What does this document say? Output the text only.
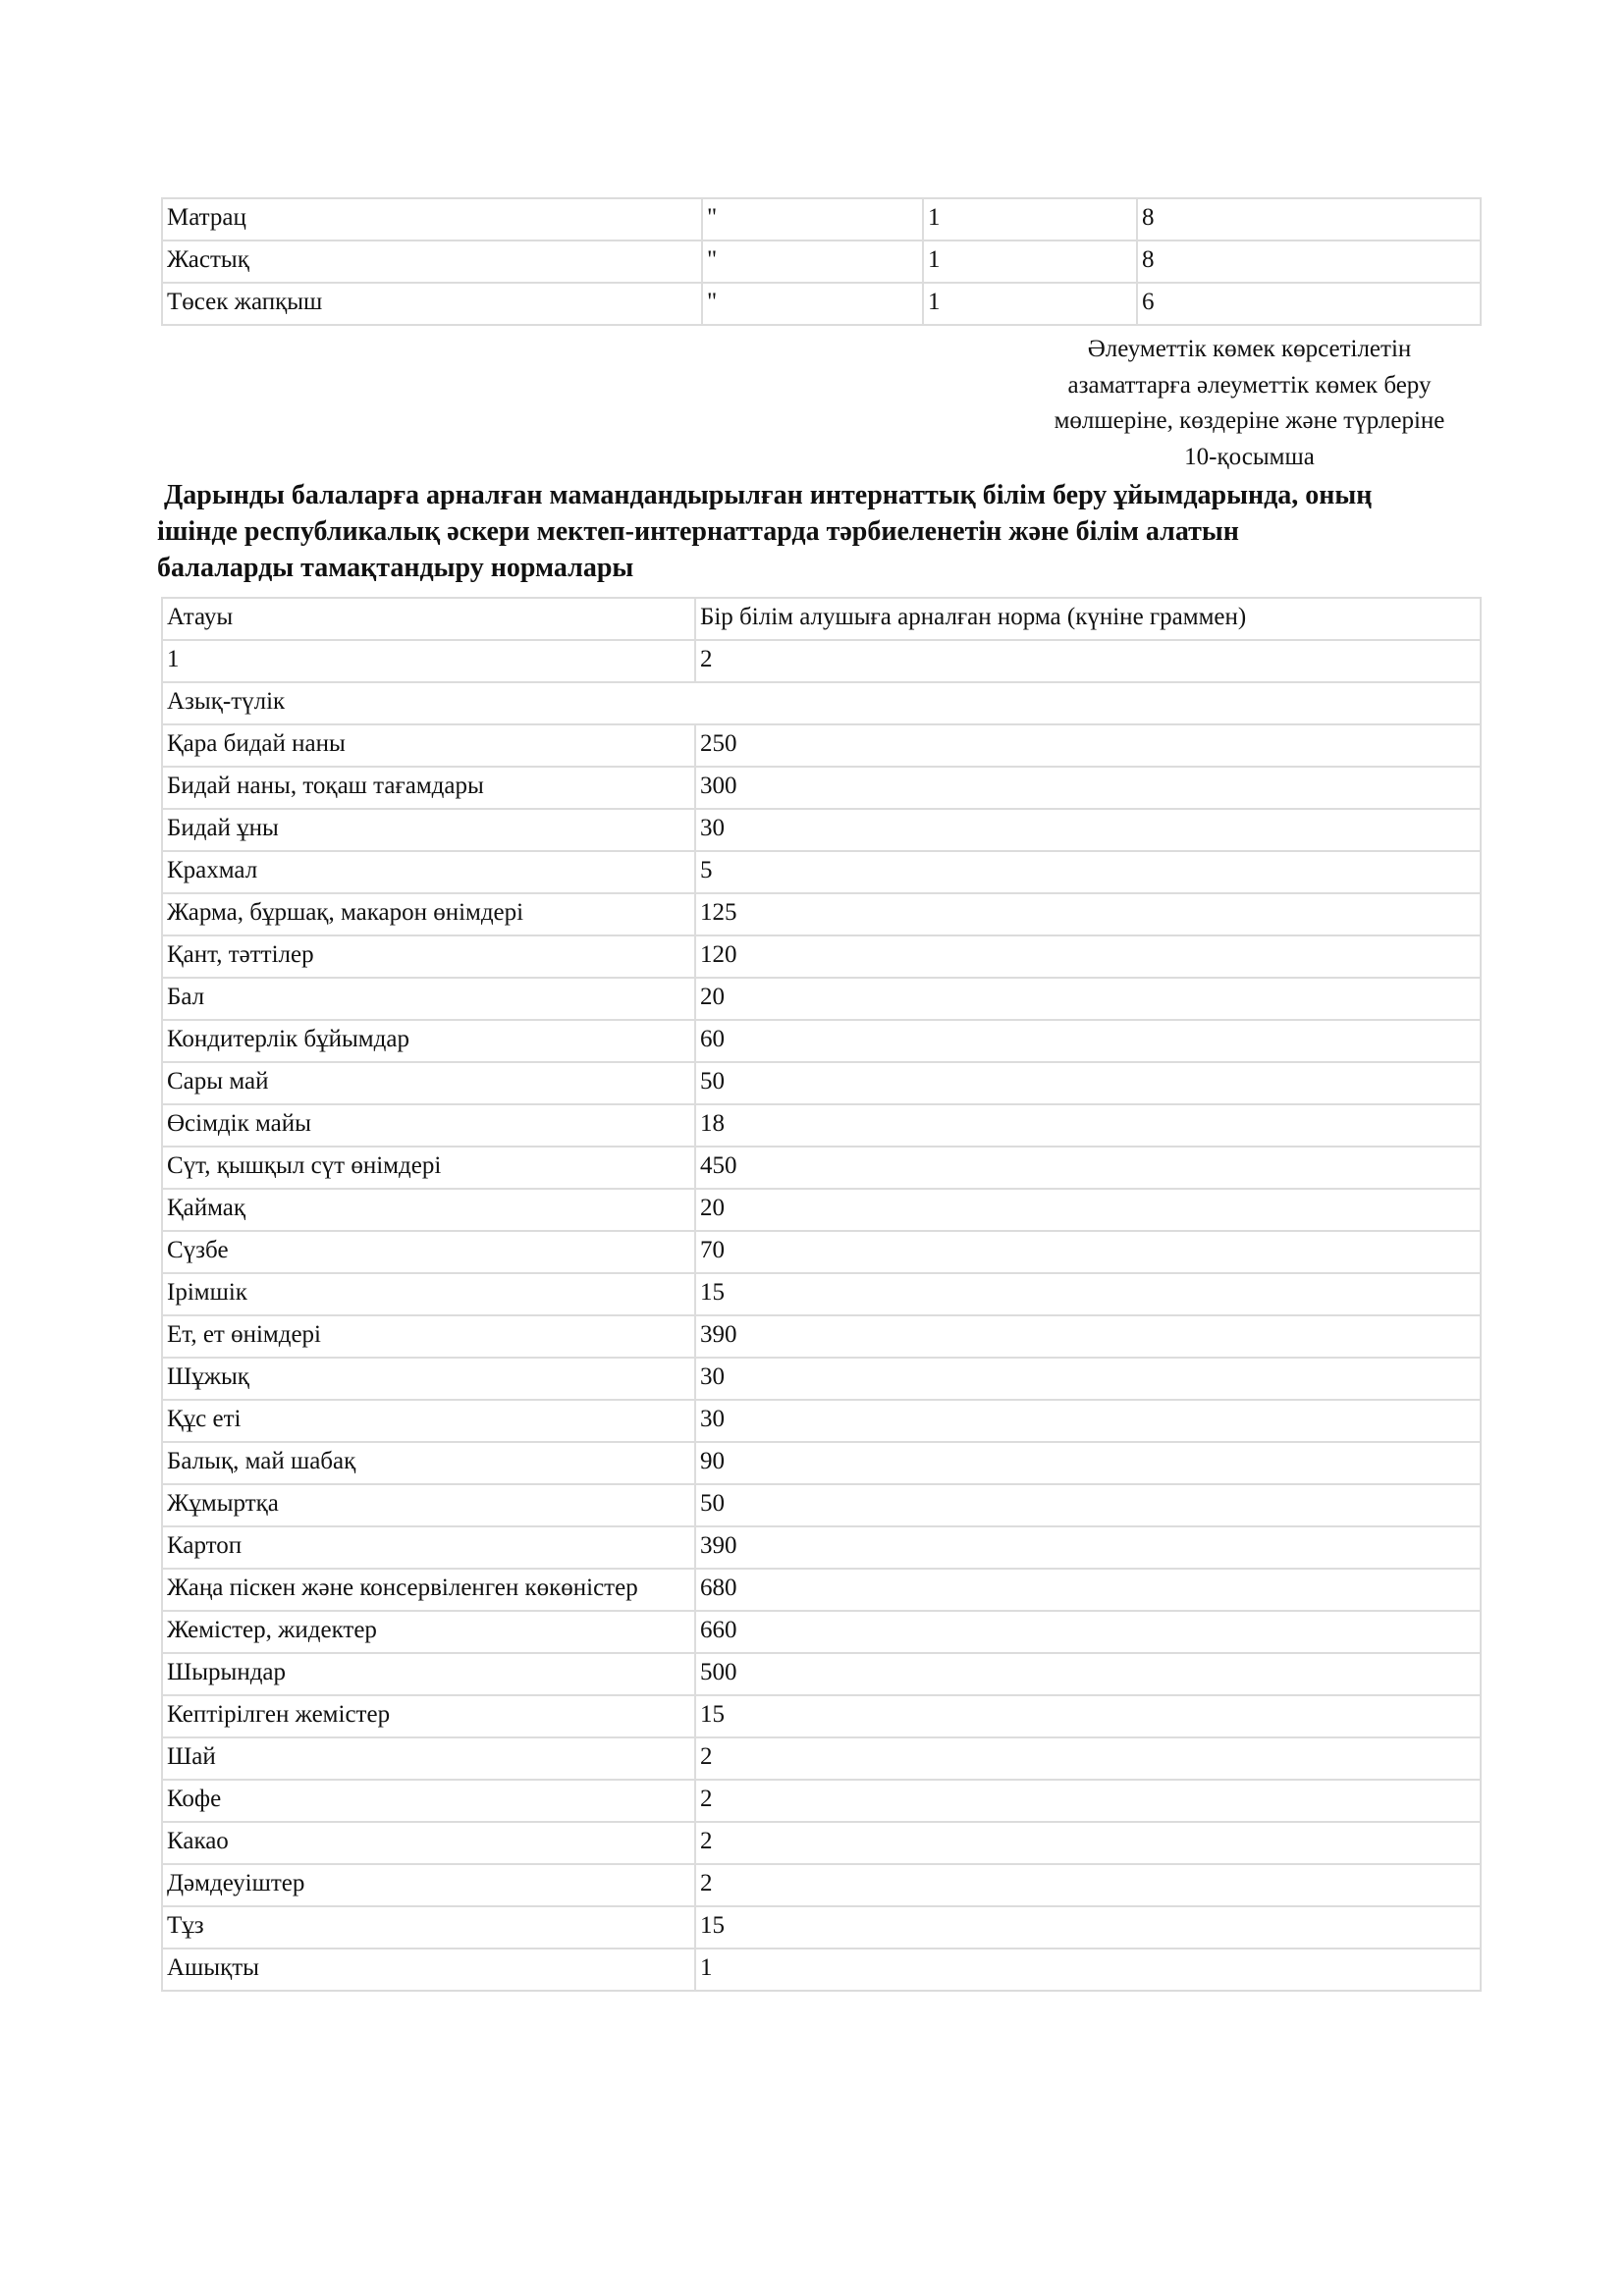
Матрац	"	1	8
Жастық	"	1	8
Төсек жапқыш	"	1	6
Әлеуметтік көмек көрсетілетін
азаматтарға әлеуметтік көмек беру
мөлшеріне, көздеріне және түрлеріне
10-қосымша
Дарынды балаларға арналған мамандандырылған интернаттық білім беру ұйымдарында, оның
ішінде республикалық әскери мектеп-интернаттарда тәрбиеленетін және білім алатын
балаларды тамақтандыру нормалары
Атауы	Бір білім алушыға арналған норма (күніне граммен)
1	2
Азық-түлік	
Қара бидай наны	250
Бидай наны, тоқаш тағамдары	300
Бидай ұны	30
Крахмал	5
Жарма, бұршақ, макарон өнімдері	125
Қант, тәттілер	120
Бал	20
Кондитерлік бұйымдар	60
Сары май	50
Өсімдік майы	18
Сүт, қышқыл сүт өнімдері	450
Қаймақ	20
Сүзбе	70
Ірімшік	15
Ет, ет өнімдері	390
Шұжық	30
Құс еті	30
Балық, май шабақ	90
Жұмыртқа	50
Картоп	390
Жаңа піскен және консервіленген көкөністер	680
Жемістер, жидектер	660
Шырындар	500
Кептірілген жемістер	15
Шай	2
Кофе	2
Какао	2
Дәмдеуіштер	2
Тұз	15
Ашықты	1
